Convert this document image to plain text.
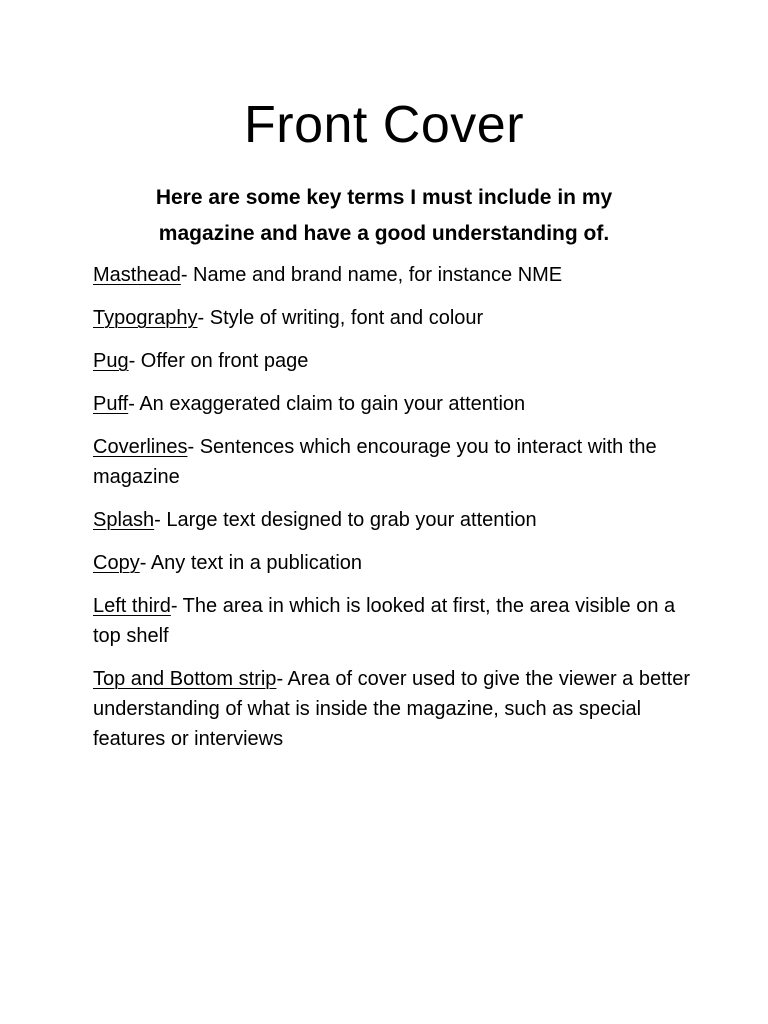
Front Cover

Here are some key terms I must include in my magazine and have a good understanding of.

Masthead- Name and brand name, for instance NME
Typography- Style of writing, font and colour
Pug- Offer on front page
Puff- An exaggerated claim to gain your attention
Coverlines- Sentences which encourage you to interact with the magazine
Splash- Large text designed to grab your attention
Copy- Any text in a publication
Left third- The area in which is looked at first, the area visible on a top shelf
Top and Bottom strip- Area of cover used to give the viewer a better understanding of what is inside the magazine, such as special features or interviews
